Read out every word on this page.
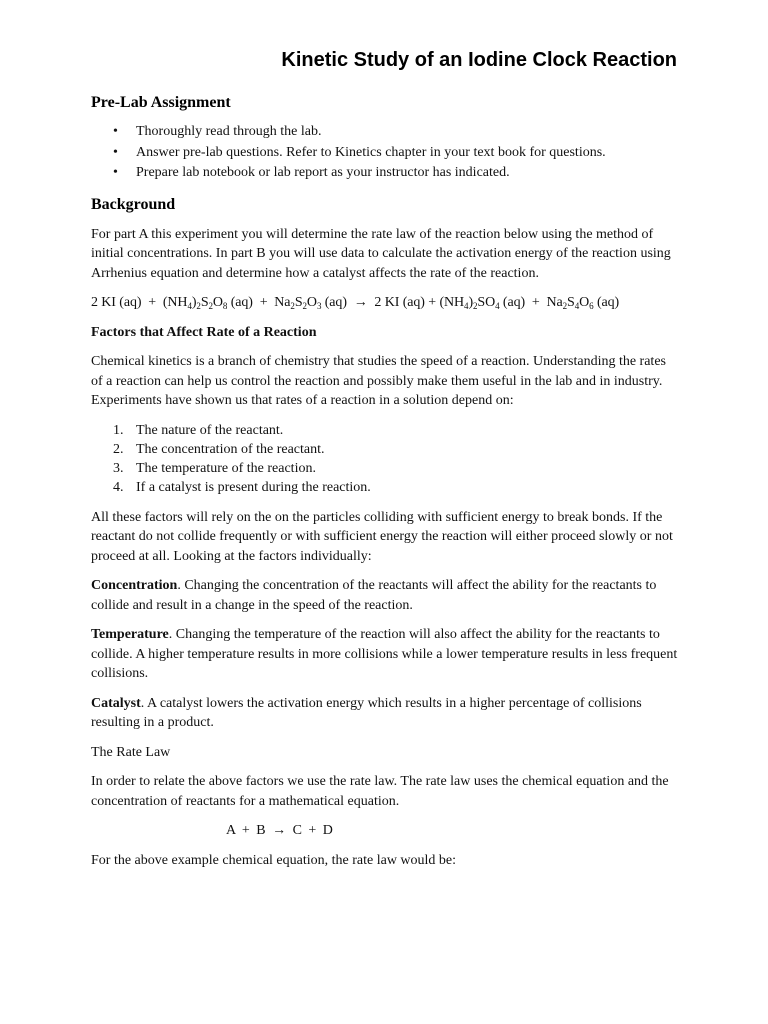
Kinetic Study of an Iodine Clock Reaction
Pre-Lab Assignment
• Thoroughly read through the lab.
• Answer pre-lab questions. Refer to Kinetics chapter in your text book for questions.
• Prepare lab notebook or lab report as your instructor has indicated.
Background

For part A this experiment you will determine the rate law of the reaction below using the method of initial concentrations. In part B you will use data to calculate the activation energy of the reaction using Arrhenius equation and determine how a catalyst affects the rate of the reaction.

2 KI $(aq) + (NH_4)_2S_2O_8$ $(aq) + Na_2S_2O_3$ (aq) → 2 KI $(aq) + (NH_4)_2SO_4$ $(aq) + Na_2S_4O_6$ (aq)

Factors that Affect Rate of a Reaction

Chemical kinetics is a branch of chemistry that studies the speed of a reaction. Understanding the rates of a reaction can help us control the reaction and possibly make them useful in the lab and in industry. Experiments have shown us that rates of a reaction in a solution depend on:

1. The nature of the reactant.
2. The concentration of the reactant.
3. The temperature of the reaction.
4. If a catalyst is present during the reaction.

All these factors will rely on the on the particles colliding with sufficient energy to break bonds. If the reactant do not collide frequently or with sufficient energy the reaction will either proceed slowly or not proceed at all. Looking at the factors individually:

Concentration. Changing the concentration of the reactants will affect the ability for the reactants to collide and result in a change in the speed of the reaction.

Temperature. Changing the temperature of the reaction will also affect the ability for the reactants to collide. A higher temperature results in more collisions while a lower temperature results in less frequent collisions.

Catalyst. A catalyst lowers the activation energy which results in a higher percentage of collisions resulting in a product.

The Rate Law

In order to relate the above factors we use the rate law. The rate law uses the chemical equation and the concentration of reactants for a mathematical equation.

A + B → C + D

For the above example chemical equation, the rate law would be:
